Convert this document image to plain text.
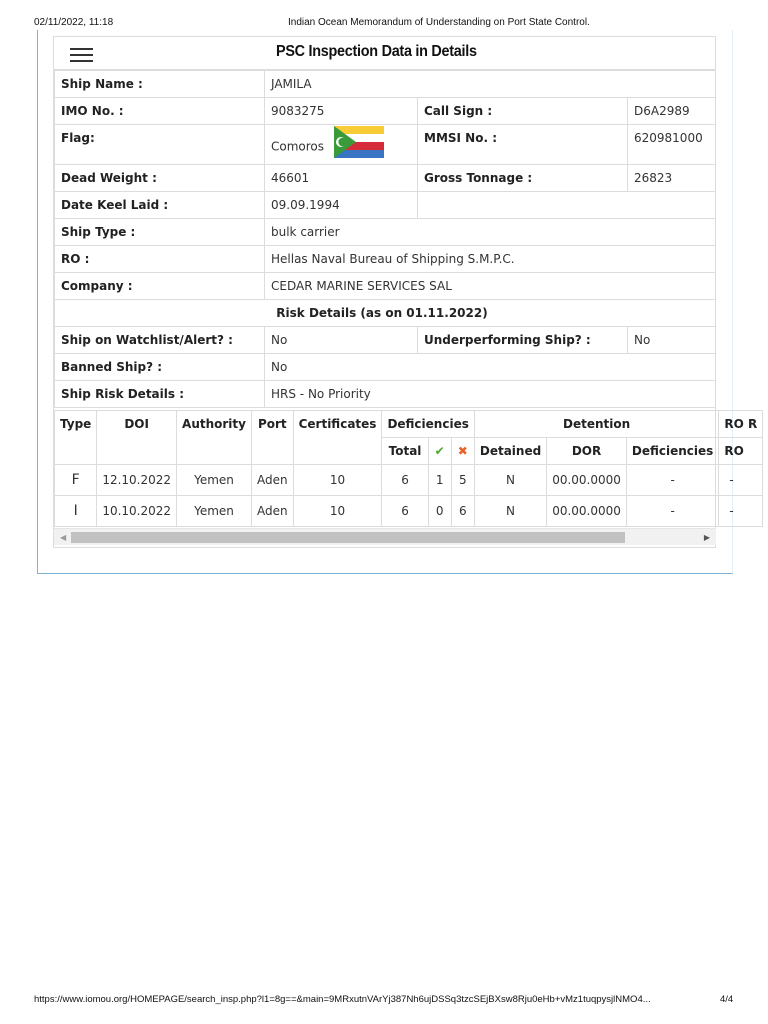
02/11/2022, 11:18	Indian Ocean Memorandum of Understanding on Port State Control.
PSC Inspection Data in Details
Ship Name :	JAMILA		
IMO No. :	9083275	Call Sign :	D6A2989
Flag:	Comoros	MMSI No. :	620981000
Dead Weight :	46601	Gross Tonnage :	26823
Date Keel Laid :	09.09.1994		
Ship Type :	bulk carrier		
RO :	Hellas Naval Bureau of Shipping S.M.P.C.		
Company :	CEDAR MARINE SERVICES SAL		
Risk Details (as on 01.11.2022)			
Ship on Watchlist/Alert? :	No	Underperforming Ship? :	No
Banned Ship? :	No		
Ship Risk Details :	HRS - No Priority		
Type	DOI	Authority	Port	Certificates	Deficiencies			Detention			RO R
					Total	✔	✖	Detained	DOR	Deficiencies	RO
F	12.10.2022	Yemen	Aden	10	6	1	5	N	00.00.0000	-	-
I	10.10.2022	Yemen	Aden	10	6	0	6	N	00.00.0000	-	-
◀	▶
https://www.iomou.org/HOMEPAGE/search_insp.php?l1=8g==&main=9MRxutnVArYj387Nh6ujDSSq3tzcSEjBXsw8Rju0eHb+vMz1tuqpysjlNMO4...	4/4
